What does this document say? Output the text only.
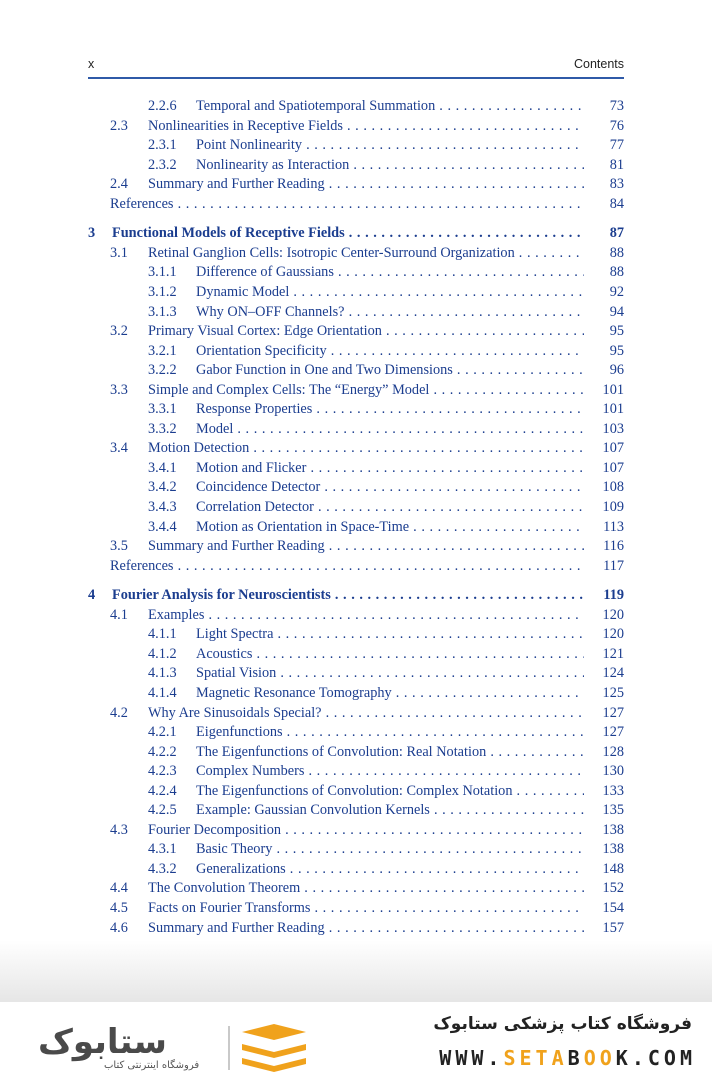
x	Contents
2.2.6 Temporal and Spatiotemporal Summation . . .	73
2.3 Nonlinearities in Receptive Fields . . .	76
2.3.1 Point Nonlinearity . . .	77
2.3.2 Nonlinearity as Interaction . . .	81
2.4 Summary and Further Reading . . .	83
References . . .	84
3 Functional Models of Receptive Fields . . .	87
3.1 Retinal Ganglion Cells: Isotropic Center-Surround Organization . . .	88
3.1.1 Difference of Gaussians . . .	88
3.1.2 Dynamic Model . . .	92
3.1.3 Why ON–OFF Channels? . . .	94
3.2 Primary Visual Cortex: Edge Orientation . . .	95
3.2.1 Orientation Specificity . . .	95
3.2.2 Gabor Function in One and Two Dimensions . . .	96
3.3 Simple and Complex Cells: The “Energy” Model . . .	101
3.3.1 Response Properties . . .	101
3.3.2 Model . . .	103
3.4 Motion Detection . . .	107
3.4.1 Motion and Flicker . . .	107
3.4.2 Coincidence Detector . . .	108
3.4.3 Correlation Detector . . .	109
3.4.4 Motion as Orientation in Space-Time . . .	113
3.5 Summary and Further Reading . . .	116
References . . .	117
4 Fourier Analysis for Neuroscientists . . .	119
4.1 Examples . . .	120
4.1.1 Light Spectra . . .	120
4.1.2 Acoustics . . .	121
4.1.3 Spatial Vision . . .	124
4.1.4 Magnetic Resonance Tomography . . .	125
4.2 Why Are Sinusoidals Special? . . .	127
4.2.1 Eigenfunctions . . .	127
4.2.2 The Eigenfunctions of Convolution: Real Notation . . .	128
4.2.3 Complex Numbers . . .	130
4.2.4 The Eigenfunctions of Convolution: Complex Notation . . .	133
4.2.5 Example: Gaussian Convolution Kernels . . .	135
4.3 Fourier Decomposition . . .	138
4.3.1 Basic Theory . . .	138
4.3.2 Generalizations . . .	148
4.4 The Convolution Theorem . . .	152
4.5 Facts on Fourier Transforms . . .	154
4.6 Summary and Further Reading . . .	157
. . .
ستابوک
فروشگاه اینترنتی کتاب
فروشگاه کتاب پزشکی ستابوک
WWW.SETABOOK.COM
